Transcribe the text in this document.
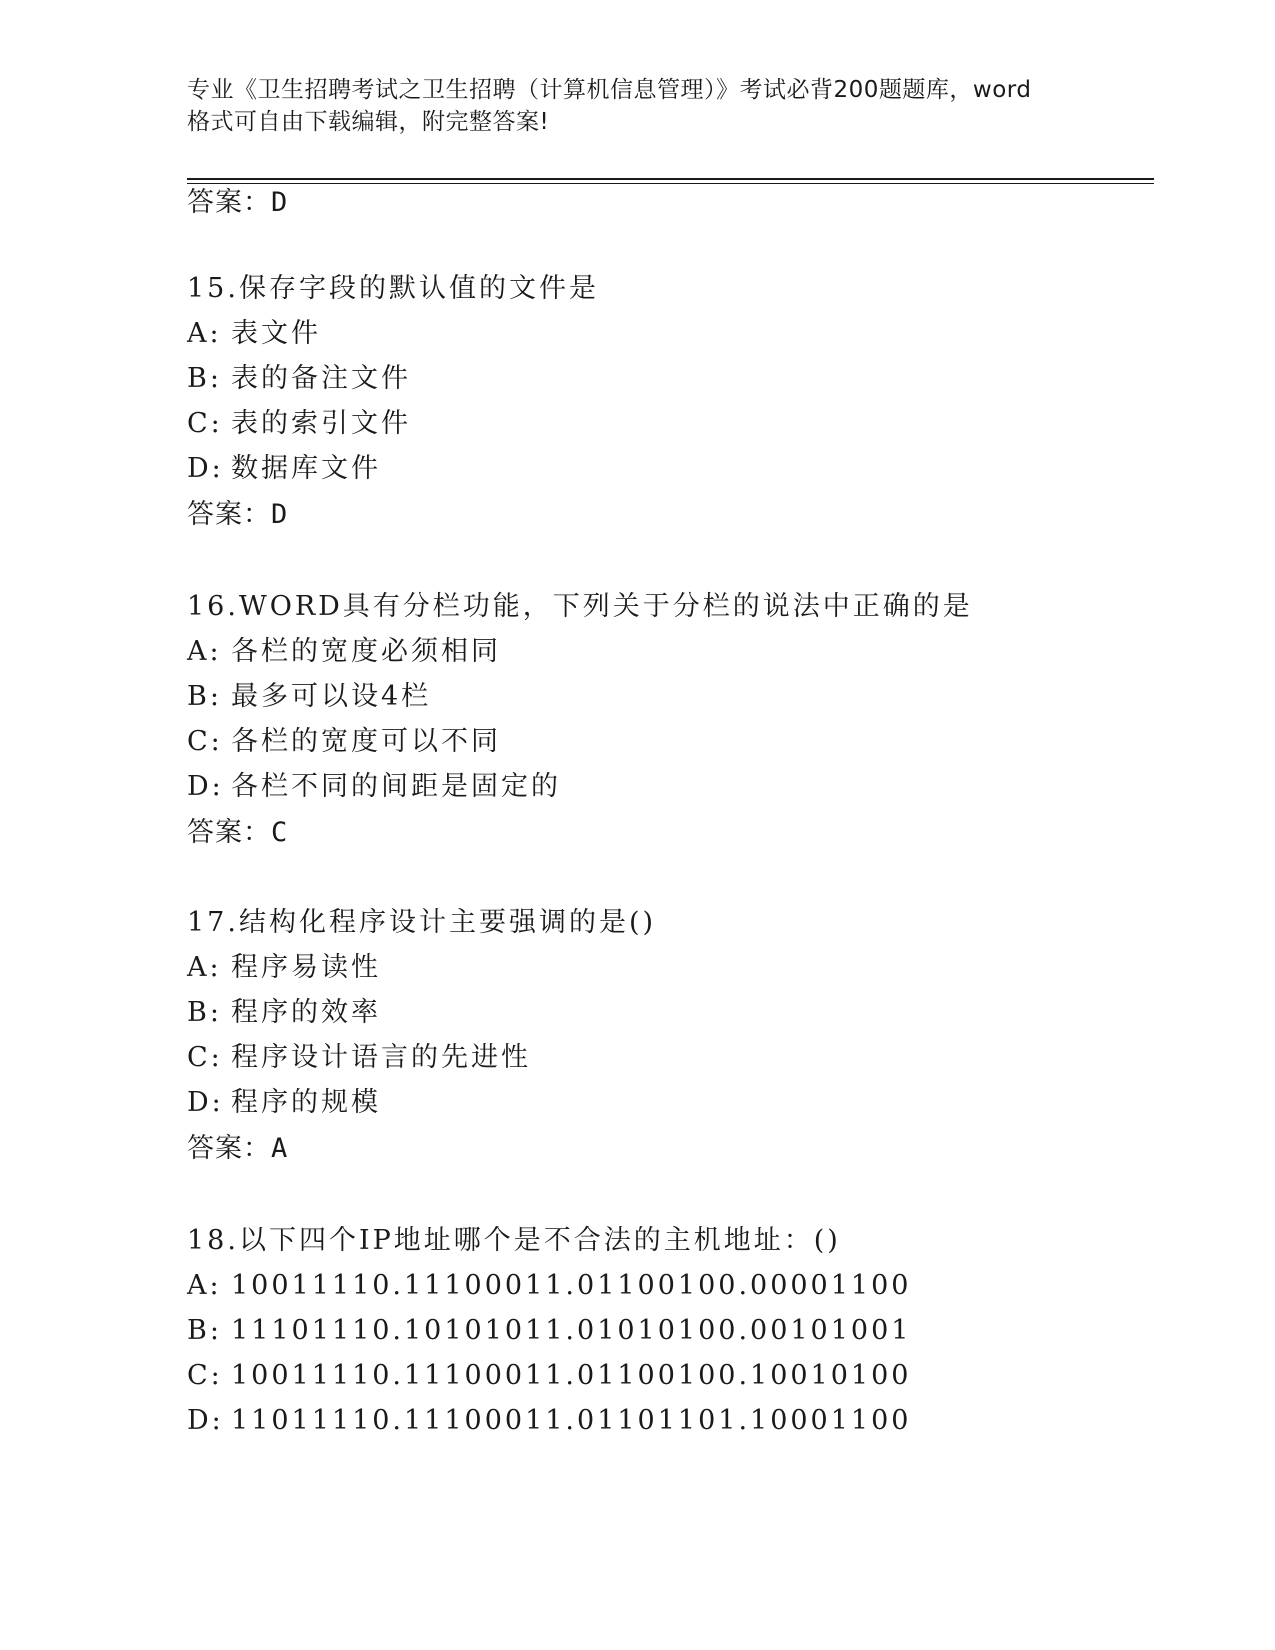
专业《卫生招聘考试之卫生招聘（计算机信息管理）》考试必背200题题库，word
格式可自由下载编辑，附完整答案!
答案：D
15.保存字段的默认值的文件是
A: 表文件
B: 表的备注文件
C: 表的索引文件
D: 数据库文件
答案：D
16.WORD具有分栏功能，下列关于分栏的说法中正确的是
A: 各栏的宽度必须相同
B: 最多可以设4栏
C: 各栏的宽度可以不同
D: 各栏不同的间距是固定的
答案：C
17.结构化程序设计主要强调的是()
A: 程序易读性
B: 程序的效率
C: 程序设计语言的先进性
D: 程序的规模
答案：A
18.以下四个IP地址哪个是不合法的主机地址：()
A: 10011110.11100011.01100100.00001100
B: 11101110.10101011.01010100.00101001
C: 10011110.11100011.01100100.10010100
D: 11011110.11100011.01101101.10001100
